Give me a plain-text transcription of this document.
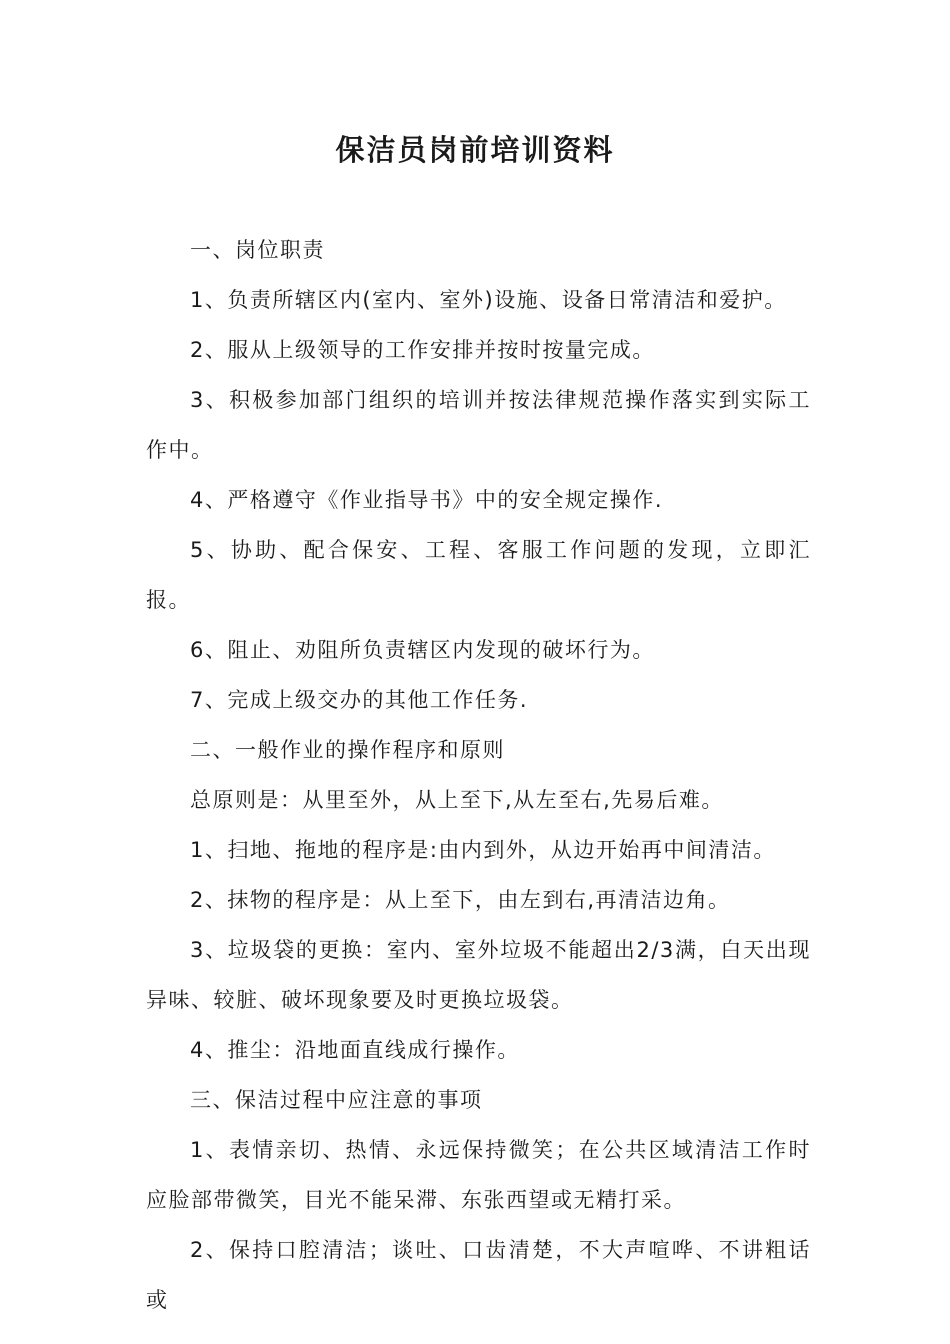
保洁员岗前培训资料

一、岗位职责

1、负责所辖区内(室内、室外)设施、设备日常清洁和爱护。

2、服从上级领导的工作安排并按时按量完成。

3、积极参加部门组织的培训并按法律规范操作落实到实际工作中。

4、严格遵守《作业指导书》中的安全规定操作.

5、协助、配合保安、工程、客服工作问题的发现，立即汇报。

6、阻止、劝阻所负责辖区内发现的破坏行为。

7、完成上级交办的其他工作任务.

二、一般作业的操作程序和原则

总原则是：从里至外，从上至下,从左至右,先易后难。

1、扫地、拖地的程序是:由内到外，从边开始再中间清洁。

2、抹物的程序是：从上至下，由左到右,再清洁边角。

3、垃圾袋的更换：室内、室外垃圾不能超出2/3满，白天出现异味、较脏、破坏现象要及时更换垃圾袋。

4、推尘：沿地面直线成行操作。

三、保洁过程中应注意的事项

1、表情亲切、热情、永远保持微笑；在公共区域清洁工作时应脸部带微笑，目光不能呆滞、东张西望或无精打采。

2、保持口腔清洁；谈吐、口齿清楚，不大声喧哗、不讲粗话或
